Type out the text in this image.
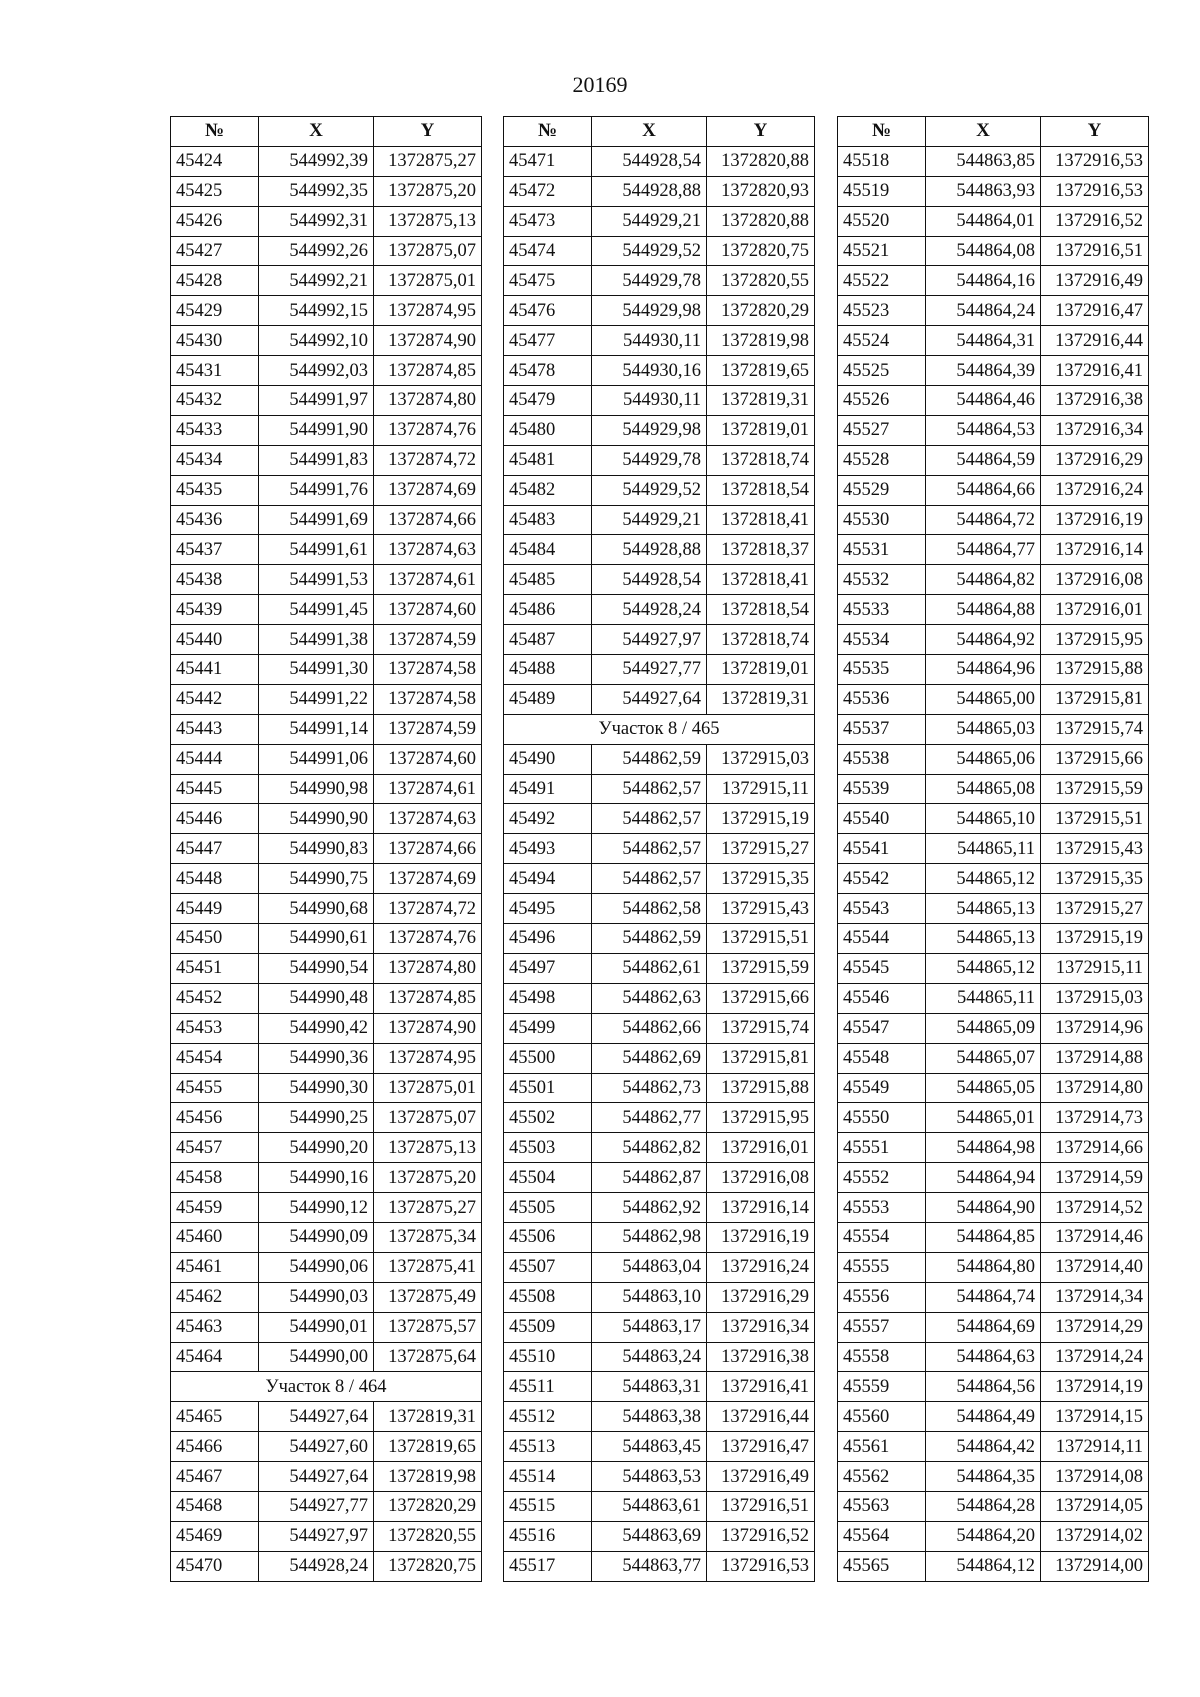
20169
№	X	Y
45424	544992,39	1372875,27
45425	544992,35	1372875,20
45426	544992,31	1372875,13
45427	544992,26	1372875,07
45428	544992,21	1372875,01
45429	544992,15	1372874,95
45430	544992,10	1372874,90
45431	544992,03	1372874,85
45432	544991,97	1372874,80
45433	544991,90	1372874,76
45434	544991,83	1372874,72
45435	544991,76	1372874,69
45436	544991,69	1372874,66
45437	544991,61	1372874,63
45438	544991,53	1372874,61
45439	544991,45	1372874,60
45440	544991,38	1372874,59
45441	544991,30	1372874,58
45442	544991,22	1372874,58
45443	544991,14	1372874,59
45444	544991,06	1372874,60
45445	544990,98	1372874,61
45446	544990,90	1372874,63
45447	544990,83	1372874,66
45448	544990,75	1372874,69
45449	544990,68	1372874,72
45450	544990,61	1372874,76
45451	544990,54	1372874,80
45452	544990,48	1372874,85
45453	544990,42	1372874,90
45454	544990,36	1372874,95
45455	544990,30	1372875,01
45456	544990,25	1372875,07
45457	544990,20	1372875,13
45458	544990,16	1372875,20
45459	544990,12	1372875,27
45460	544990,09	1372875,34
45461	544990,06	1372875,41
45462	544990,03	1372875,49
45463	544990,01	1372875,57
45464	544990,00	1372875,64
Участок 8 / 464		
45465	544927,64	1372819,31
45466	544927,60	1372819,65
45467	544927,64	1372819,98
45468	544927,77	1372820,29
45469	544927,97	1372820,55
45470	544928,24	1372820,75
№	X	Y
45471	544928,54	1372820,88
45472	544928,88	1372820,93
45473	544929,21	1372820,88
45474	544929,52	1372820,75
45475	544929,78	1372820,55
45476	544929,98	1372820,29
45477	544930,11	1372819,98
45478	544930,16	1372819,65
45479	544930,11	1372819,31
45480	544929,98	1372819,01
45481	544929,78	1372818,74
45482	544929,52	1372818,54
45483	544929,21	1372818,41
45484	544928,88	1372818,37
45485	544928,54	1372818,41
45486	544928,24	1372818,54
45487	544927,97	1372818,74
45488	544927,77	1372819,01
45489	544927,64	1372819,31
Участок 8 / 465		
45490	544862,59	1372915,03
45491	544862,57	1372915,11
45492	544862,57	1372915,19
45493	544862,57	1372915,27
45494	544862,57	1372915,35
45495	544862,58	1372915,43
45496	544862,59	1372915,51
45497	544862,61	1372915,59
45498	544862,63	1372915,66
45499	544862,66	1372915,74
45500	544862,69	1372915,81
45501	544862,73	1372915,88
45502	544862,77	1372915,95
45503	544862,82	1372916,01
45504	544862,87	1372916,08
45505	544862,92	1372916,14
45506	544862,98	1372916,19
45507	544863,04	1372916,24
45508	544863,10	1372916,29
45509	544863,17	1372916,34
45510	544863,24	1372916,38
45511	544863,31	1372916,41
45512	544863,38	1372916,44
45513	544863,45	1372916,47
45514	544863,53	1372916,49
45515	544863,61	1372916,51
45516	544863,69	1372916,52
45517	544863,77	1372916,53
№	X	Y
45518	544863,85	1372916,53
45519	544863,93	1372916,53
45520	544864,01	1372916,52
45521	544864,08	1372916,51
45522	544864,16	1372916,49
45523	544864,24	1372916,47
45524	544864,31	1372916,44
45525	544864,39	1372916,41
45526	544864,46	1372916,38
45527	544864,53	1372916,34
45528	544864,59	1372916,29
45529	544864,66	1372916,24
45530	544864,72	1372916,19
45531	544864,77	1372916,14
45532	544864,82	1372916,08
45533	544864,88	1372916,01
45534	544864,92	1372915,95
45535	544864,96	1372915,88
45536	544865,00	1372915,81
45537	544865,03	1372915,74
45538	544865,06	1372915,66
45539	544865,08	1372915,59
45540	544865,10	1372915,51
45541	544865,11	1372915,43
45542	544865,12	1372915,35
45543	544865,13	1372915,27
45544	544865,13	1372915,19
45545	544865,12	1372915,11
45546	544865,11	1372915,03
45547	544865,09	1372914,96
45548	544865,07	1372914,88
45549	544865,05	1372914,80
45550	544865,01	1372914,73
45551	544864,98	1372914,66
45552	544864,94	1372914,59
45553	544864,90	1372914,52
45554	544864,85	1372914,46
45555	544864,80	1372914,40
45556	544864,74	1372914,34
45557	544864,69	1372914,29
45558	544864,63	1372914,24
45559	544864,56	1372914,19
45560	544864,49	1372914,15
45561	544864,42	1372914,11
45562	544864,35	1372914,08
45563	544864,28	1372914,05
45564	544864,20	1372914,02
45565	544864,12	1372914,00
